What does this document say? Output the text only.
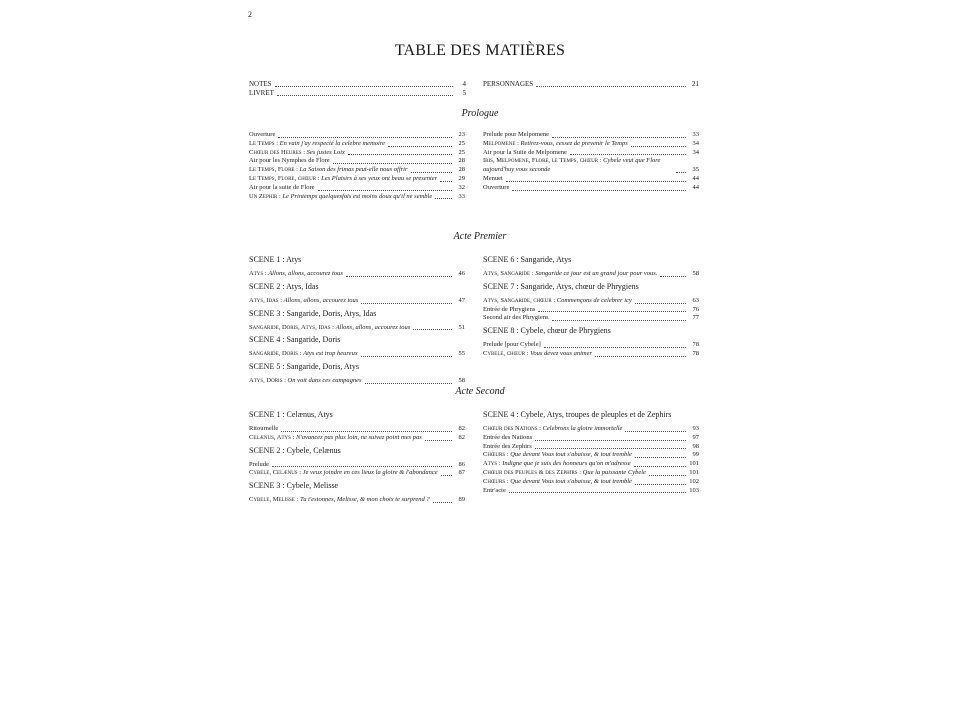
2
TABLE DES MATIÈRES
NOTES	4
LIVRET	5
PERSONNAGES	21
Prologue
Ouverture	23
Le Temps : En vain j'ay respecté la celebre memoire	25
Chœur des Heures : Ses justes Loix	25
Air pour les Nymphes de Flore	28
Le Temps, Flore : La Saison des frimas peut-elle nous offrir	28
Le Temps, Flore, chœur : Les Plaisirs à ses yeux ont beau se presenter	29
Air pour la suite de Flore	32
Un Zephir : Le Printemps quelquesfois est moins doux qu'il ne semble	33
Prelude pour Melpomene	33
Melpomene : Retirez-vous, cessez de prevenir le Temps	34
Air pour la Suite de Melpomene	34
Iris, Melpomene, Flore, le Temps, chœur : Cybele veut que Flore aujourd'huy vous seconde	35
Menuet	44
Ouverture	44
Acte Premier
SCENE 1 : Atys
Atys : Allons, allons, accourez tous	46
SCENE 2 : Atys, Idas
Atys, Idas : Allons, allons, accourez tous	47
SCENE 3 : Sangaride, Doris, Atys, Idas
Sangaride, Doris, Atys, Idas : Allons, allons, accourez tous	51
SCENE 4 : Sangaride, Doris
Sangaride, Doris : Atys est trop heureux	55
SCENE 5 : Sangaride, Doris, Atys
Atys, Doris : On voit dans ces campagnes	58
SCENE 6 : Sangaride, Atys
Atys, Sangaride : Sangaride ce jour est un grand jour pour vous.	58
SCENE 7 : Sangaride, Atys, chœur de Phrygiens
Atys, Sangaride, chœur : Commençons de celebrer icy	63
Entrée de Phrygiens	76
Second air des Phrygiens	77
SCENE 8 : Cybele, chœur de Phrygiens
Prelude [pour Cybele]	78
Cybele, chœur : Vous devez vous animer	78
Acte Second
SCENE 1 : Celænus, Atys
Ritournelle	82
Celænus, Atys : N'avancez pas plus loin, ne suivez point mes pas	82
SCENE 2 : Cybele, Celænus
Prelude	86
Cybele, Celænus : Je veux joindre en ces lieux la gloire & l'abondance	87
SCENE 3 : Cybele, Melisse
Cybele, Melisse : Tu t'estonnes, Melisse, & mon choix te surprend ?	89
SCENE 4 : Cybele, Atys, troupes de pleuples et de Zephirs
Chœur des Nations : Celebrons la gloire immortelle	93
Entrée des Nations	97
Entrée des Zephirs	98
Chœurs : Que devant Vous tout s'abaisse, & tout tremble	99
Atys : Indigne que je suis des honneurs qu'on m'adresse	101
Chœur des Peuples & des Zephirs : Que la puissante Cybele	101
Chœurs : Que devant Vous tout s'abaisse, & tout tremble	102
Entr'acte	103
